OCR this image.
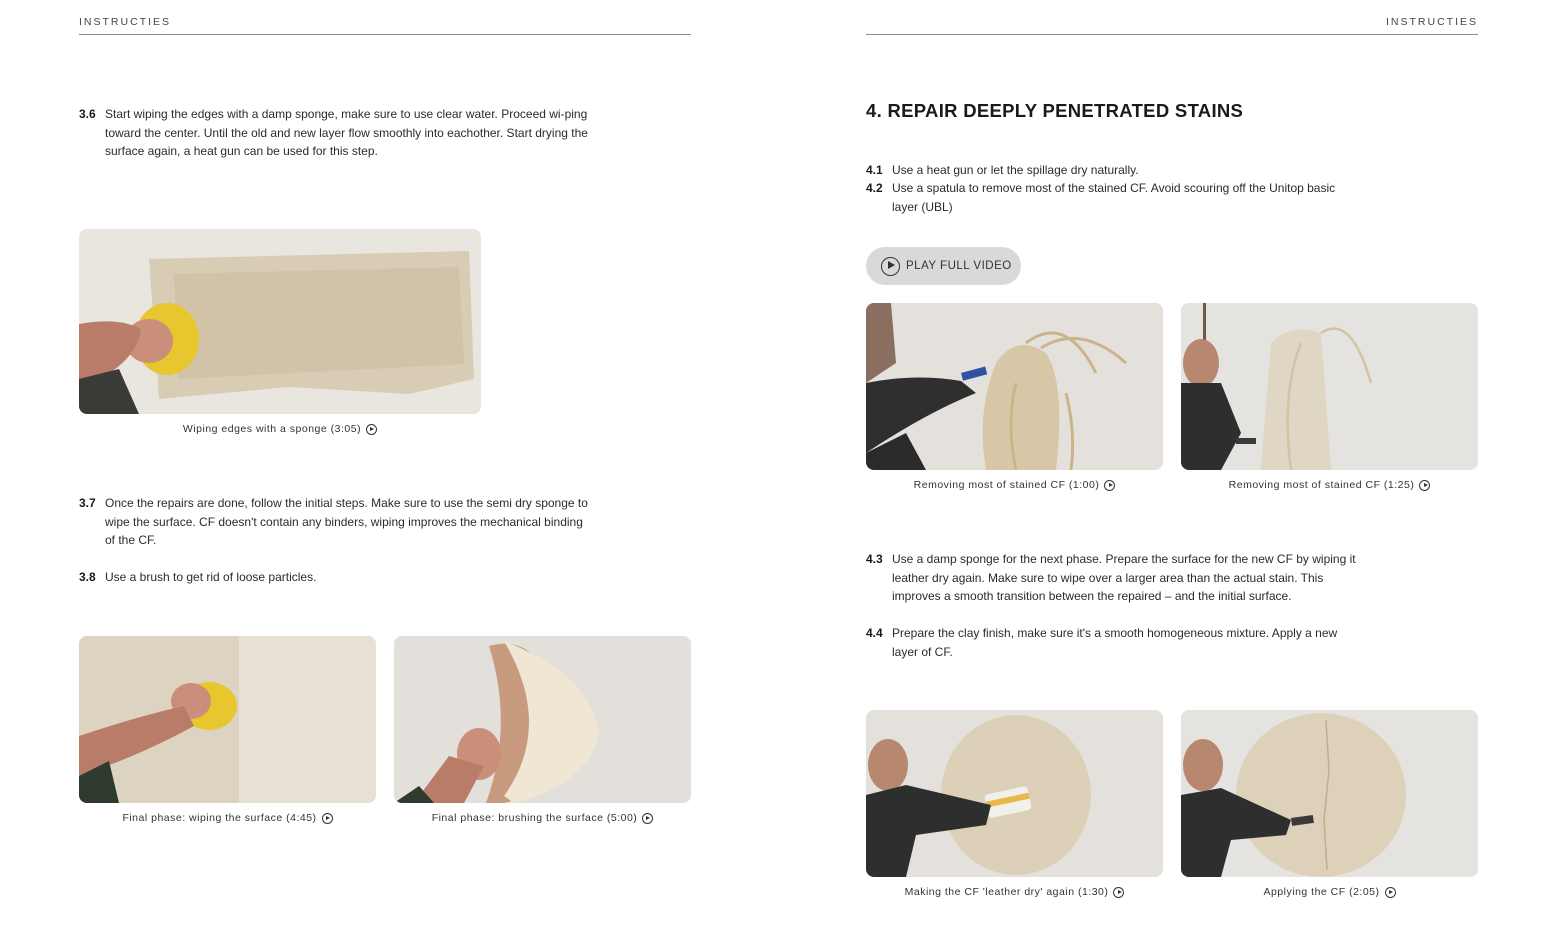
INSTRUCTIES	INSTRUCTIES
3.6 Start wiping the edges with a damp sponge, make sure to use clear water. Proceed wi-ping toward the center. Until the old and new layer flow smoothly into eachother. Start drying the surface again, a heat gun can be used for this step.
Wiping edges with a sponge (3:05)
3.7 Once the repairs are done, follow the initial steps. Make sure to use the semi dry sponge to wipe the surface. CF doesn't contain any binders, wiping improves the mechanical binding of the CF.
3.8 Use a brush to get rid of loose particles.
Final phase: wiping the surface (4:45)	Final phase: brushing the surface (5:00)
4. REPAIR DEEPLY PENETRATED STAINS
4.1 Use a heat gun or let the spillage dry naturally.
4.2 Use a spatula to remove most of the stained CF. Avoid scouring off the Unitop basic layer (UBL)
PLAY FULL VIDEO
Removing most of stained CF (1:00)	Removing most of stained CF (1:25)
4.3 Use a damp sponge for the next phase. Prepare the surface for the new CF by wiping it leather dry again. Make sure to wipe over a larger area than the actual stain. This improves a smooth transition between the repaired – and the initial surface.
4.4 Prepare the clay finish, make sure it's a smooth homogeneous mixture. Apply a new layer of CF.
Making the CF 'leather dry' again (1:30)	Applying the CF (2:05)
